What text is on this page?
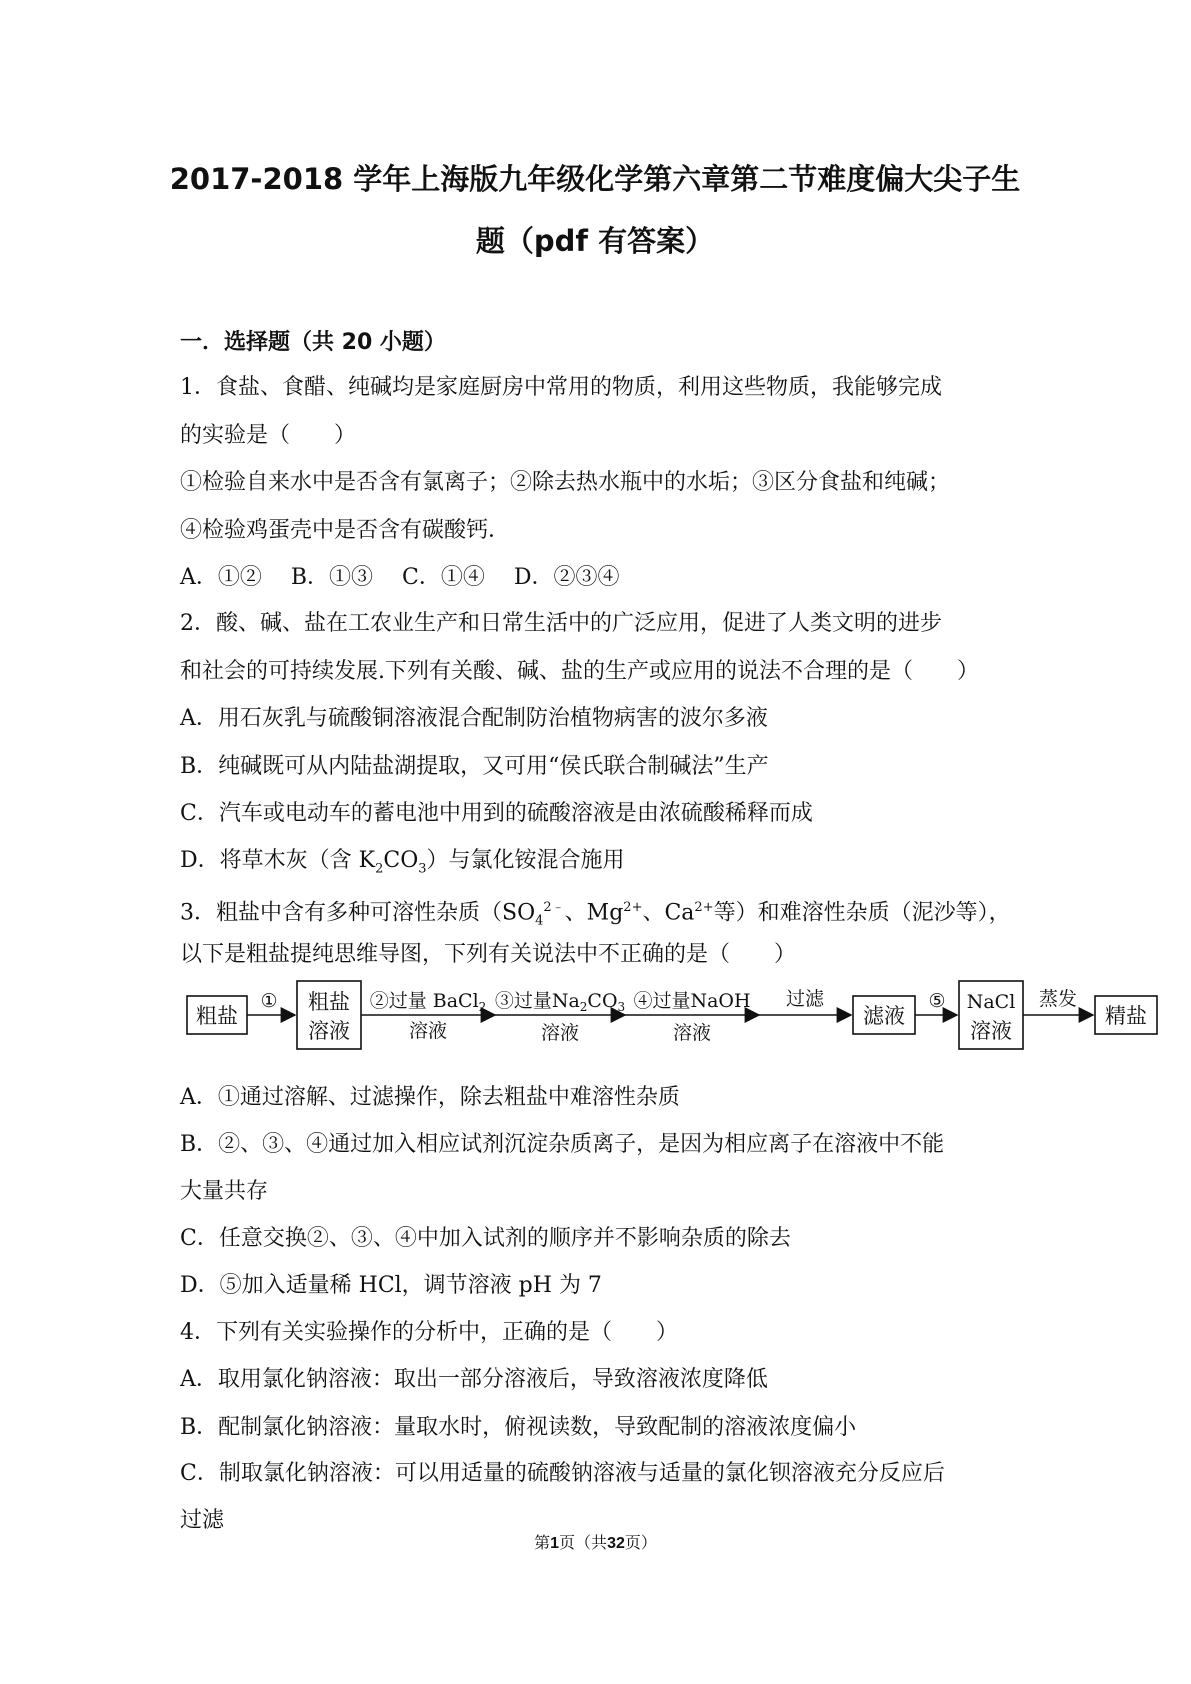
2017-2018 学年上海版九年级化学第六章第二节难度偏大尖子生
题（pdf 有答案）
一．选择题（共 20 小题）
1．食盐、食醋、纯碱均是家庭厨房中常用的物质，利用这些物质，我能够完成
的实验是（　　）
①检验自来水中是否含有氯离子；②除去热水瓶中的水垢；③区分食盐和纯碱；
④检验鸡蛋壳中是否含有碳酸钙．
A．①②　 B．①③　 C．①④　 D．②③④
2．酸、碱、盐在工农业生产和日常生活中的广泛应用，促进了人类文明的进步
和社会的可持续发展.下列有关酸、碱、盐的生产或应用的说法不合理的是（　　）
A．用石灰乳与硫酸铜溶液混合配制防治植物病害的波尔多液
B．纯碱既可从内陆盐湖提取，又可用“侯氏联合制碱法”生产
C．汽车或电动车的蓄电池中用到的硫酸溶液是由浓硫酸稀释而成
D．将草木灰（含 $K_2CO_3$）与氯化铵混合施用
3．粗盐中含有多种可溶性杂质（$SO_4^{2﹣}$、$Mg^{2+}$、$Ca^{2+}$等）和难溶性杂质（泥沙等），
以下是粗盐提纯思维导图，下列有关说法中不正确的是（　　）
粗盐
① 粗盐
溶液
②过量 BaCl$_2$
溶液
③过量$Na_2CO_3$
溶液
④过量NaOH
溶液
过滤
滤液
⑤ NaCl
溶液
蒸发
精盐
A．①通过溶解、过滤操作，除去粗盐中难溶性杂质
B．②、③、④通过加入相应试剂沉淀杂质离子，是因为相应离子在溶液中不能
大量共存
C．任意交换②、③、④中加入试剂的顺序并不影响杂质的除去
D．⑤加入适量稀 HCl，调节溶液 pH 为 7
4．下列有关实验操作的分析中，正确的是（　　）
A．取用氯化钠溶液：取出一部分溶液后，导致溶液浓度降低
B．配制氯化钠溶液：量取水时，俯视读数，导致配制的溶液浓度偏小
C．制取氯化钠溶液：可以用适量的硫酸钠溶液与适量的氯化钡溶液充分反应后
过滤
第1页（共32页）
